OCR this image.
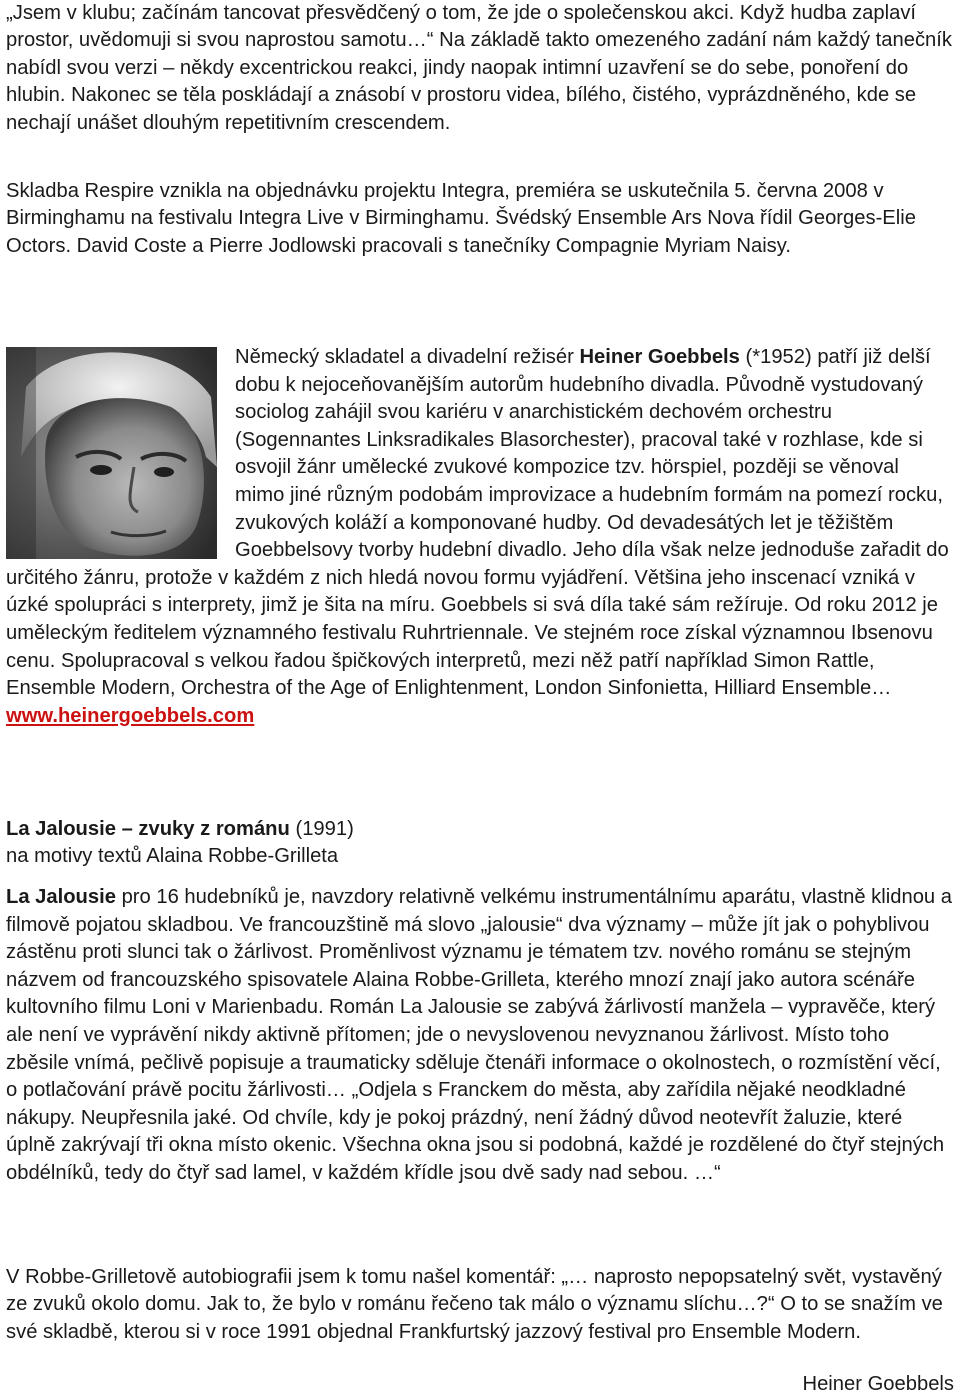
„Jsem v klubu; začínám tancovat přesvědčený o tom, že jde o společenskou akci. Když hudba zaplaví prostor, uvědomuji si svou naprostou samotu…“ Na základě takto omezeného zadání nám každý tanečník nabídl svou verzi – někdy excentrickou reakci, jindy naopak intimní uzavření se do sebe, ponoření do hlubin. Nakonec se těla poskládají a znásobí v prostoru videa, bílého, čistého, vyprázdněného, kde se nechají unášet dlouhým repetitivním crescendem.

Skladba Respire vznikla na objednávku projektu Integra, premiéra se uskutečnila 5. června 2008 v Birminghamu na festivalu Integra Live v Birminghamu. Švédský Ensemble Ars Nova řídil Georges-Elie Octors. David Coste a Pierre Jodlowski pracovali s tanečníky Compagnie Myriam Naisy.

Německý skladatel a divadelní režisér Heiner Goebbels (*1952) patří již delší dobu k nejoceňovanějším autorům hudebního divadla. Původně vystudovaný sociolog zahájil svou kariéru v anarchistickém dechovém orchestru (Sogennantes Linksradikales Blasorchester), pracoval také v rozhlase, kde si osvojil žánr umělecké zvukové kompozice tzv. hörspiel, později se věnoval mimo jiné různým podobám improvizace a hudebním formám na pomezí rocku, zvukových koláží a komponované hudby. Od devadesátých let je těžištěm Goebbelsovy tvorby hudební divadlo. Jeho díla však nelze jednoduše zařadit do určitého žánru, protože v každém z nich hledá novou formu vyjádření. Většina jeho inscenací vzniká v úzké spolupráci s interprety, jimž je šita na míru. Goebbels si svá díla také sám režíruje. Od roku 2012 je uměleckým ředitelem významného festivalu Ruhrtriennale. Ve stejném roce získal významnou Ibsenovu cenu. Spolupracoval s velkou řadou špičkových interpretů, mezi něž patří například Simon Rattle, Ensemble Modern, Orchestra of the Age of Enlightenment, London Sinfonietta, Hilliard Ensemble…
www.heinergoebbels.com

La Jalousie – zvuky z románu (1991)
na motivy textů Alaina Robbe-Grilleta

La Jalousie pro 16 hudebníků je, navzdory relativně velkému instrumentálnímu aparátu, vlastně klidnou a filmově pojatou skladbou. Ve francouzštině má slovo „jalousie“ dva významy – může jít jak o pohyblivou zástěnu proti slunci tak o žárlivost. Proměnlivost významu je tématem tzv. nového románu se stejným názvem od francouzského spisovatele Alaina Robbe-Grilleta, kterého mnozí znají jako autora scénáře kultovního filmu Loni v Marienbadu. Román La Jalousie se zabývá žárlivostí manžela – vypravěče, který ale není ve vyprávění nikdy aktivně přítomen; jde o nevyslovenou nevyznanou žárlivost. Místo toho zběsile vnímá, pečlivě popisuje a traumaticky sděluje čtenáři informace o okolnostech, o rozmístění věcí, o potlačování právě pocitu žárlivosti… „Odjela s Franckem do města, aby zařídila nějaké neodkladné nákupy. Neupřesnila jaké. Od chvíle, kdy je pokoj prázdný, není žádný důvod neotevřít žaluzie, které úplně zakrývají tři okna místo okenic. Všechna okna jsou si podobná, každé je rozdělené do čtyř stejných obdélníků, tedy do čtyř sad lamel, v každém křídle jsou dvě sady nad sebou. …“

V Robbe-Grilletově autobiografii jsem k tomu našel komentář: „… naprosto nepopsatelný svět, vystavěný ze zvuků okolo domu. Jak to, že bylo v románu řečeno tak málo o významu slíchu…?“ O to se snažím ve své skladbě, kterou si v roce 1991 objednal Frankfurtský jazzový festival pro Ensemble Modern.

Heiner Goebbels
